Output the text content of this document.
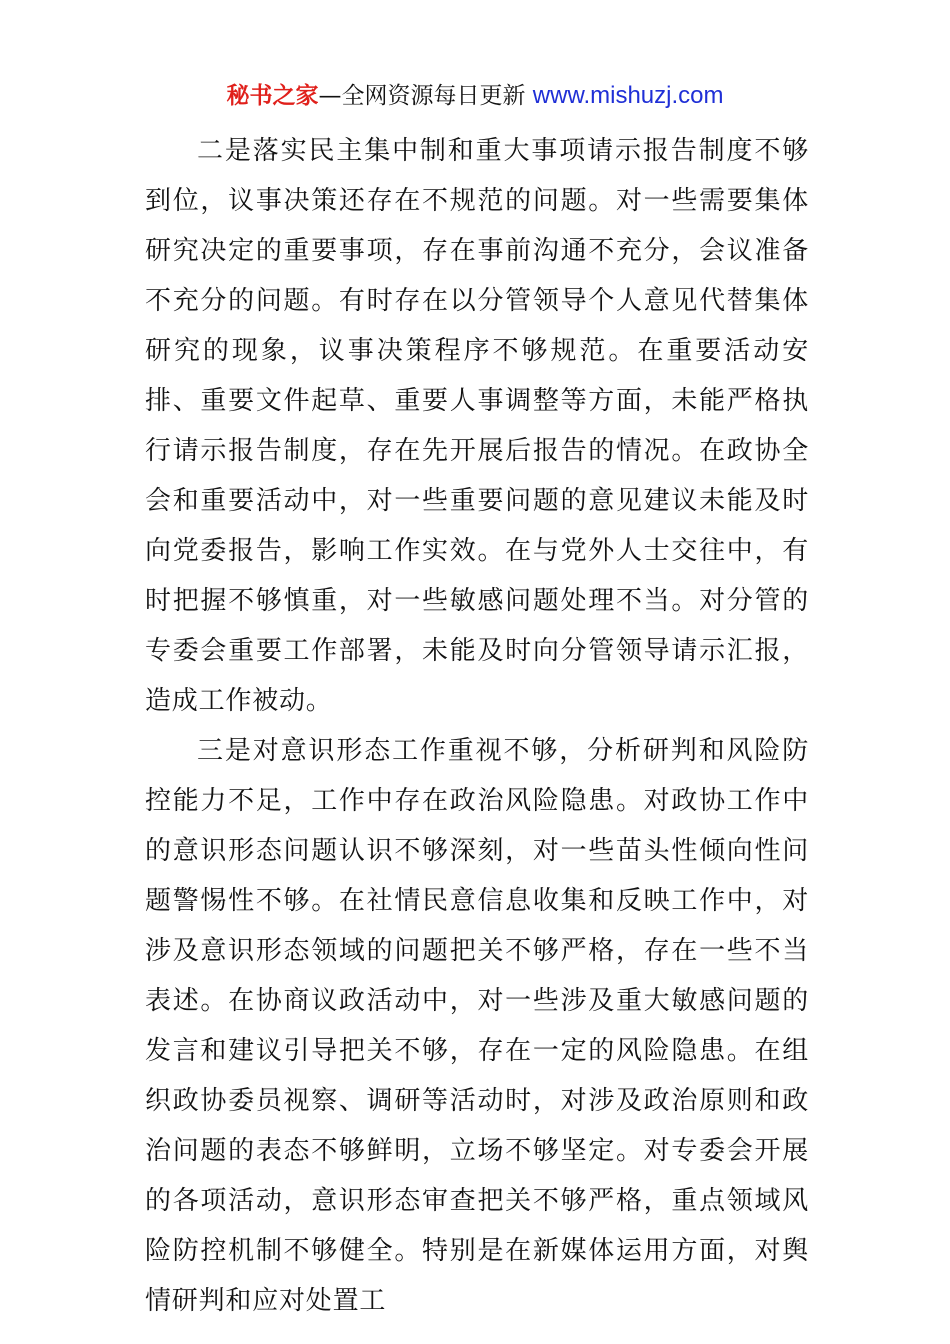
秘书之家—全网资源每日更新 www.mishuzj.com

二是落实民主集中制和重大事项请示报告制度不够到位，议事决策还存在不规范的问题。对一些需要集体研究决定的重要事项，存在事前沟通不充分，会议准备不充分的问题。有时存在以分管领导个人意见代替集体研究的现象，议事决策程序不够规范。在重要活动安排、重要文件起草、重要人事调整等方面，未能严格执行请示报告制度，存在先开展后报告的情况。在政协全会和重要活动中，对一些重要问题的意见建议未能及时向党委报告，影响工作实效。在与党外人士交往中，有时把握不够慎重，对一些敏感问题处理不当。对分管的专委会重要工作部署，未能及时向分管领导请示汇报，造成工作被动。

三是对意识形态工作重视不够，分析研判和风险防控能力不足，工作中存在政治风险隐患。对政协工作中的意识形态问题认识不够深刻，对一些苗头性倾向性问题警惕性不够。在社情民意信息收集和反映工作中，对涉及意识形态领域的问题把关不够严格，存在一些不当表述。在协商议政活动中，对一些涉及重大敏感问题的发言和建议引导把关不够，存在一定的风险隐患。在组织政协委员视察、调研等活动时，对涉及政治原则和政治问题的表态不够鲜明，立场不够坚定。对专委会开展的各项活动，意识形态审查把关不够严格，重点领域风险防控机制不够健全。特别是在新媒体运用方面，对舆情研判和应对处置工
